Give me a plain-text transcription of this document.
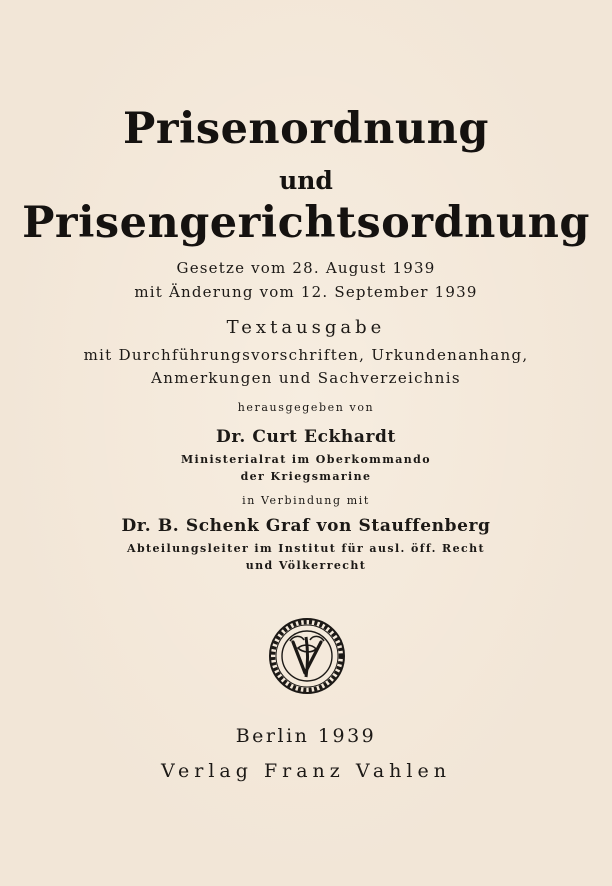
Prisenordnung
und
Prisengerichtsordnung
Gesetze vom 28. August 1939
mit Änderung vom 12. September 1939
Textausgabe
mit Durchführungsvorschriften, Urkundenanhang,
Anmerkungen und Sachverzeichnis
herausgegeben von
Dr. Curt Eckhardt
Ministerialrat im Oberkommando
der Kriegsmarine
in Verbindung mit
Dr. B. Schenk Graf von Stauffenberg
Abteilungsleiter im Institut für ausl. öff. Recht
und Völkerrecht
Berlin 1939
Verlag Franz Vahlen
